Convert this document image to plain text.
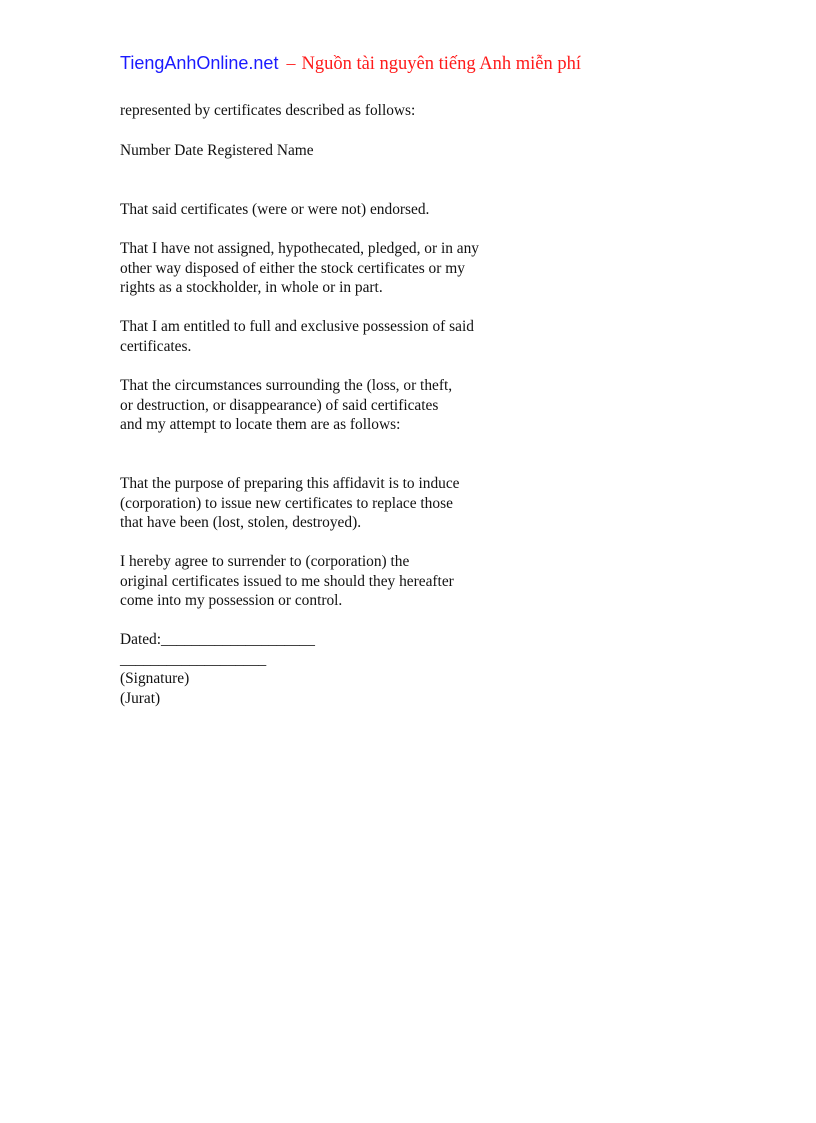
TiengAnhOnline.net – Nguồn tài nguyên tiếng Anh miễn phí
represented by certificates described as follows:
Number Date Registered Name
That said certificates (were or were not) endorsed.
That I have not assigned, hypothecated, pledged, or in any
other way disposed of either the stock certificates or my
rights as a stockholder, in whole or in part.
That I am entitled to full and exclusive possession of said
certificates.
That the circumstances surrounding the (loss, or theft,
or destruction, or disappearance) of said certificates
and my attempt to locate them are as follows:
That the purpose of preparing this affidavit is to induce
(corporation) to issue new certificates to replace those
that have been (lost, stolen, destroyed).
I hereby agree to surrender to (corporation) the
original certificates issued to me should they hereafter
come into my possession or control.
Dated:____________________
___________________
(Signature)
(Jurat)
